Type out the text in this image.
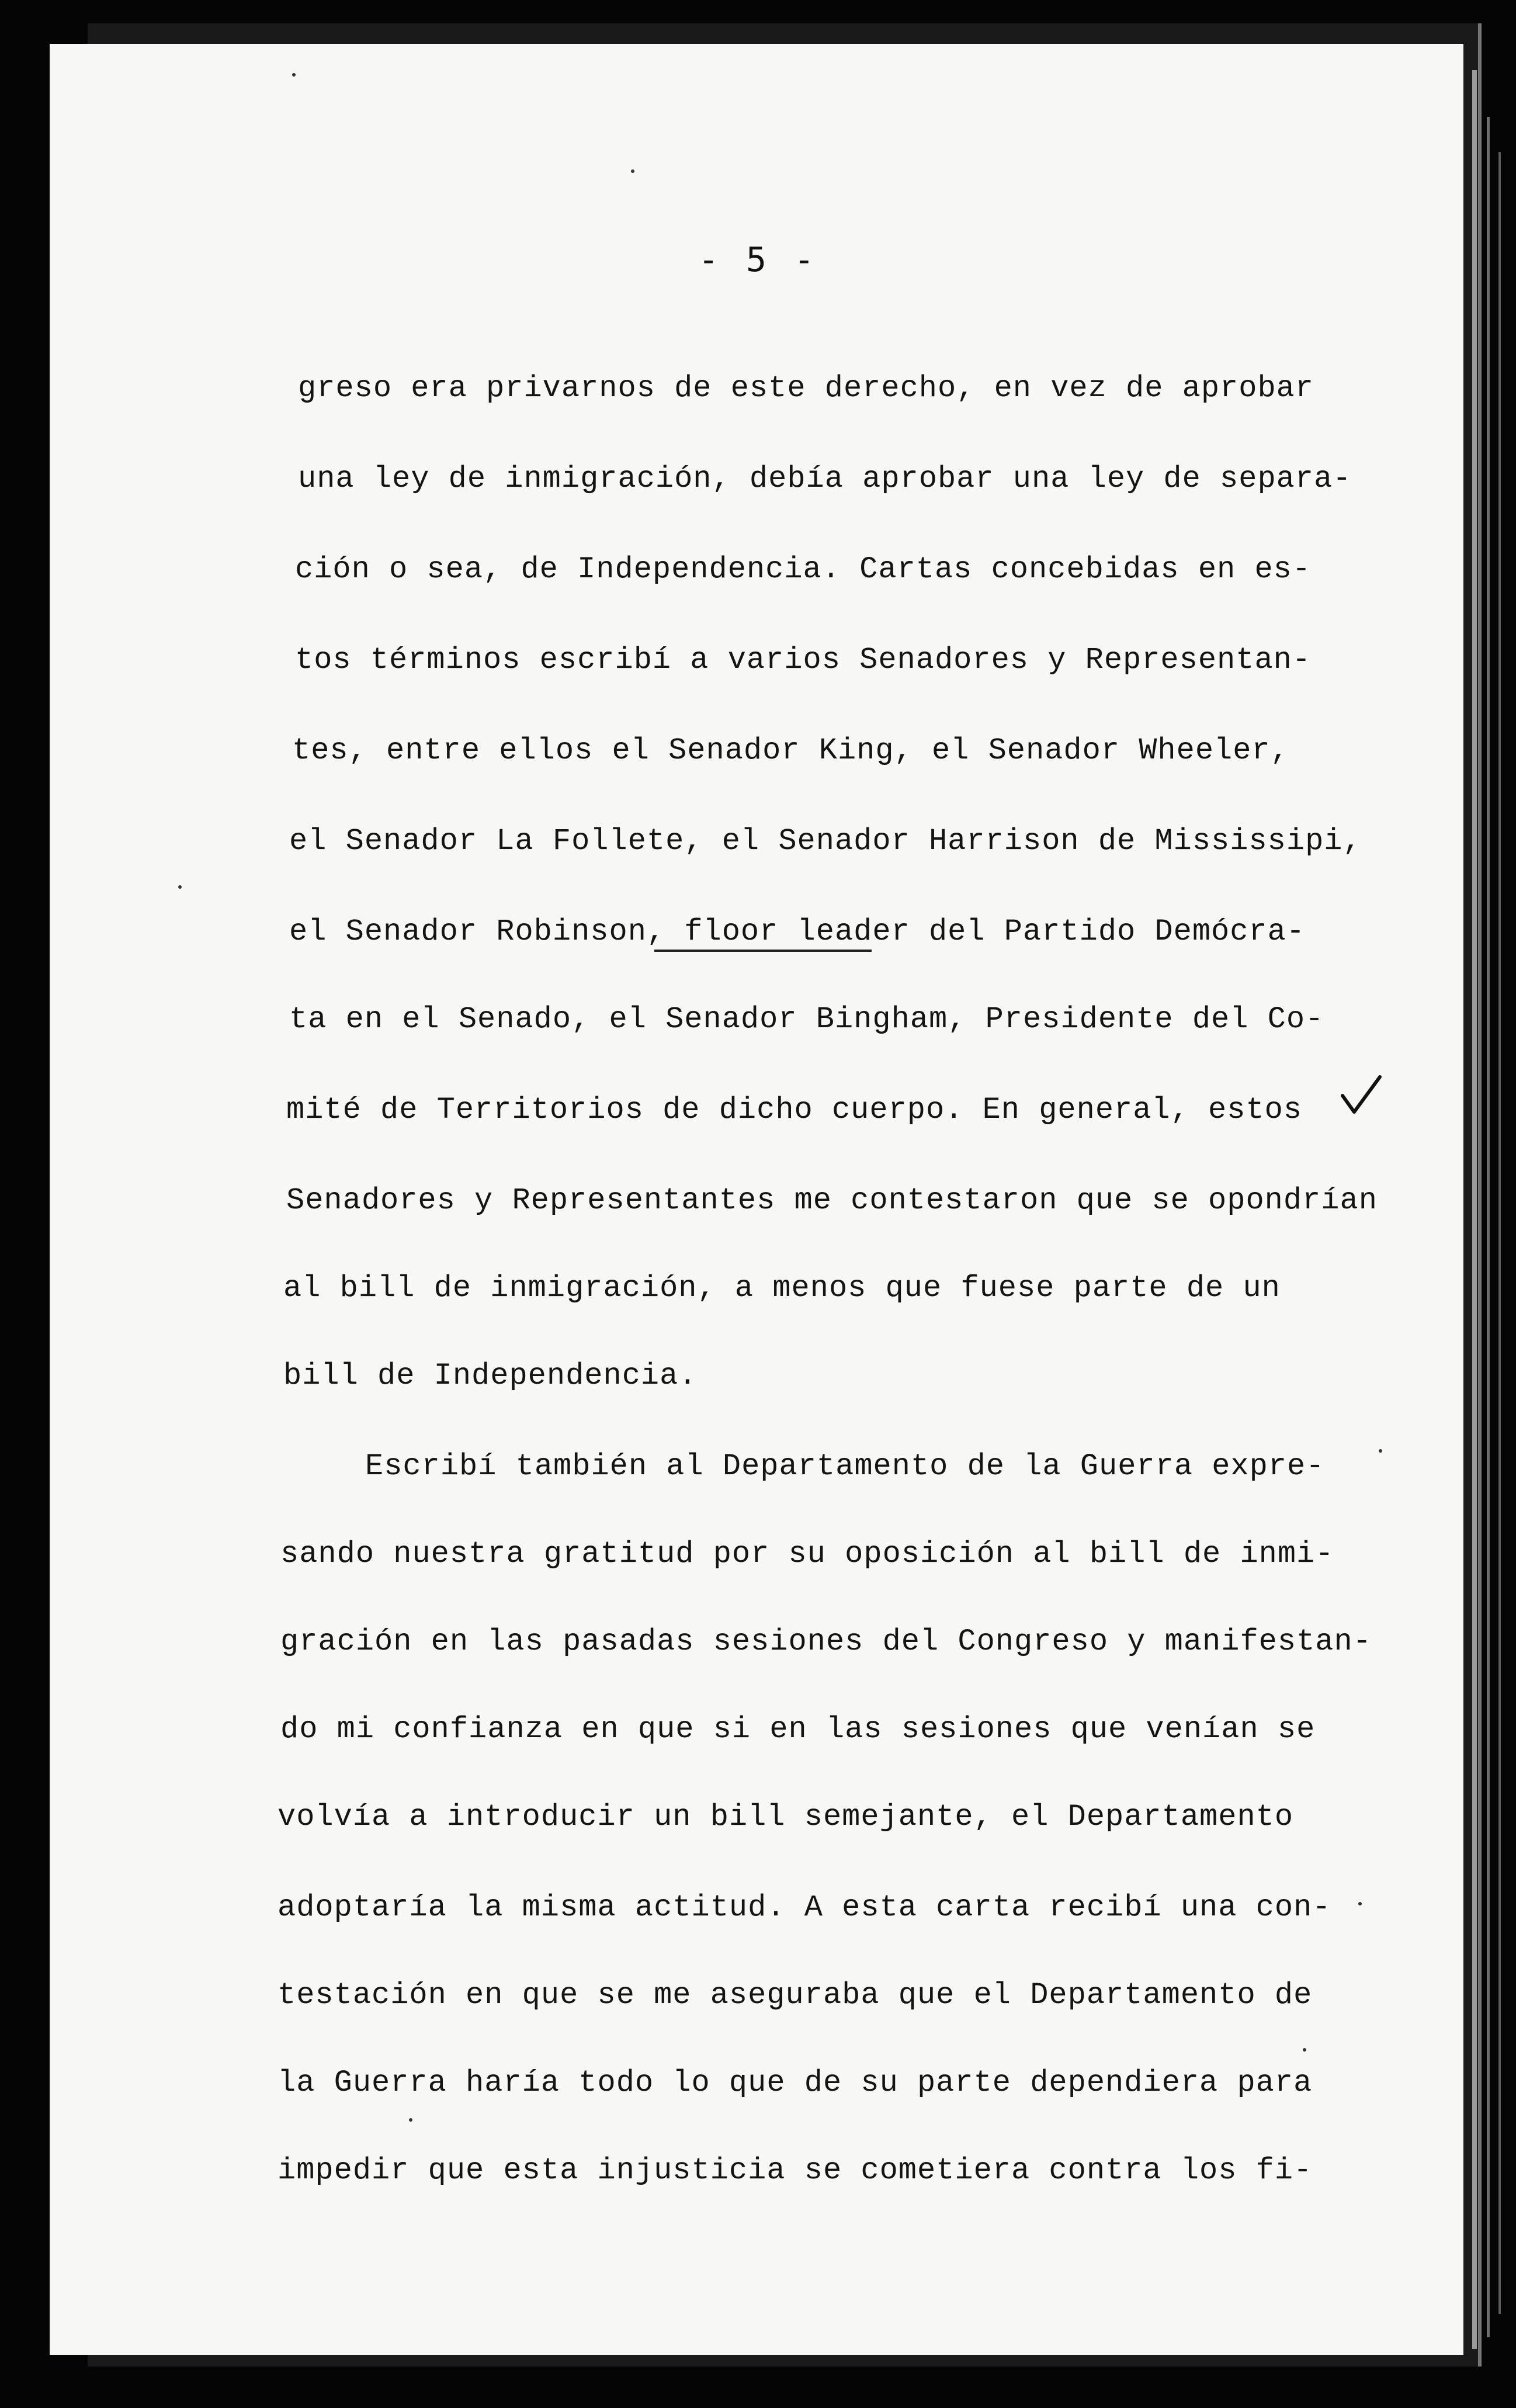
- 5 -
greso era privarnos de este derecho, en vez de aprobar
una ley de inmigración, debía aprobar una ley de separa-
ción o sea, de Independencia. Cartas concebidas en es-
tos términos escribí a varios Senadores y Representan-
tes, entre ellos el Senador King, el Senador Wheeler,
el Senador La Follete, el Senador Harrison de Mississipi,
el Senador Robinson, floor leader del Partido Demócra-
ta en el Senado, el Senador Bingham, Presidente del Co-
mité de Territorios de dicho cuerpo. En general, estos
Senadores y Representantes me contestaron que se opondrían
al bill de inmigración, a menos que fuese parte de un
bill de Independencia.
Escribí también al Departamento de la Guerra expre-
sando nuestra gratitud por su oposición al bill de inmi-
gración en las pasadas sesiones del Congreso y manifestan-
do mi confianza en que si en las sesiones que venían se
volvía a introducir un bill semejante, el Departamento
adoptaría la misma actitud. A esta carta recibí una con-
testación en que se me aseguraba que el Departamento de
la Guerra haría todo lo que de su parte dependiera para
impedir que esta injusticia se cometiera contra los fi-
